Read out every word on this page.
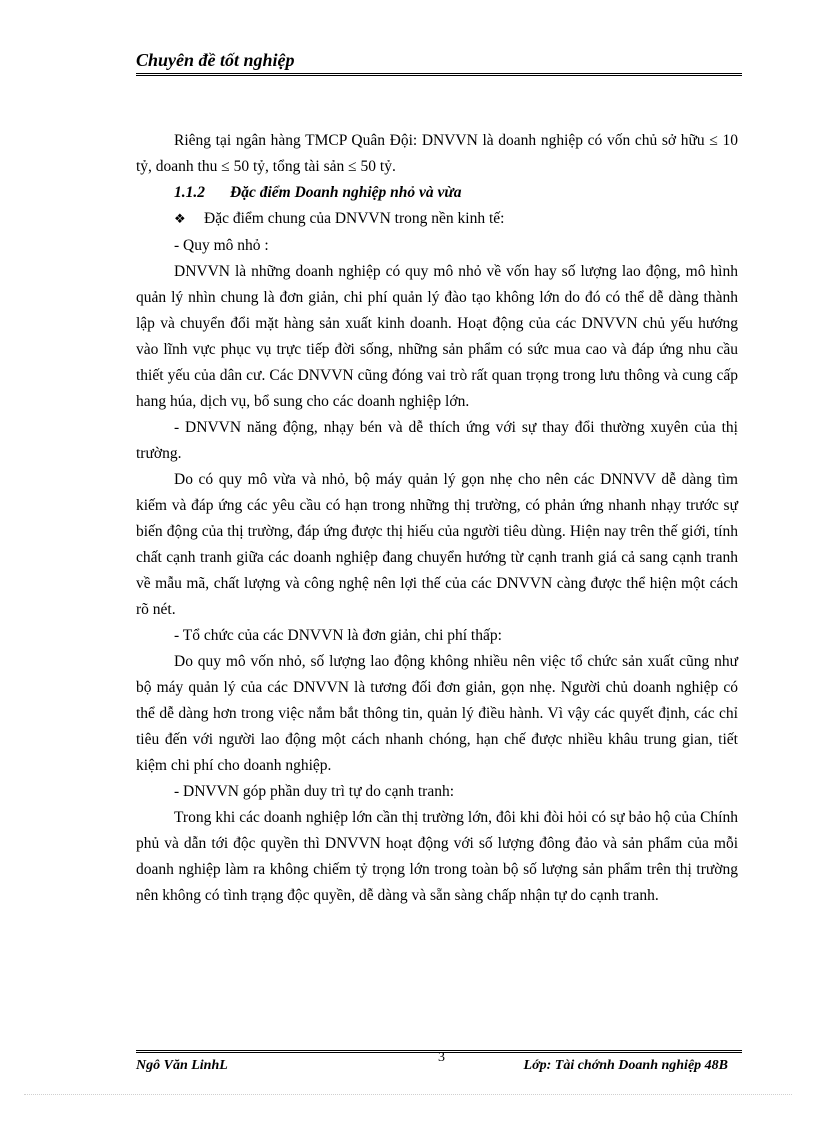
Chuyên đề tốt nghiệp

Riêng tại ngân hàng TMCP Quân Đội: DNVVN là doanh nghiệp có vốn chủ sở hữu ≤ 10 tỷ, doanh thu ≤ 50 tỷ, tổng tài sản ≤ 50 tỷ.

1.1.2 Đặc điểm Doanh nghiệp nhỏ và vừa

❖ Đặc điểm chung của DNVVN trong nền kinh tế:

- Quy mô nhỏ :

DNVVN là những doanh nghiệp có quy mô nhỏ về vốn hay số lượng lao động, mô hình quản lý nhìn chung là đơn giản, chi phí quản lý đào tạo không lớn do đó có thể dễ dàng thành lập và chuyển đổi mặt hàng sản xuất kinh doanh. Hoạt động của các DNVVN chủ yếu hướng vào lĩnh vực phục vụ trực tiếp đời sống, những sản phẩm có sức mua cao và đáp ứng nhu cầu thiết yếu của dân cư. Các DNVVN cũng đóng vai trò rất quan trọng trong lưu thông và cung cấp hang húa, dịch vụ, bổ sung cho các doanh nghiệp lớn.

- DNVVN năng động, nhạy bén và dễ thích ứng với sự thay đổi thường xuyên của thị trường.

Do có quy mô vừa và nhỏ, bộ máy quản lý gọn nhẹ cho nên các DNNVV dễ dàng tìm kiếm và đáp ứng các yêu cầu có hạn trong những thị trường, có phản ứng nhanh nhạy trước sự biến động của thị trường, đáp ứng được thị hiếu của người tiêu dùng. Hiện nay trên thế giới, tính chất cạnh tranh giữa các doanh nghiệp đang chuyển hướng từ cạnh tranh giá cả sang cạnh tranh về mẫu mã, chất lượng và công nghệ nên lợi thế của các DNVVN càng được thể hiện một cách rõ nét.

- Tổ chức của các DNVVN là đơn giản, chi phí thấp:

Do quy mô vốn nhỏ, số lượng lao động không nhiều nên việc tổ chức sản xuất cũng như bộ máy quản lý của các DNVVN là tương đối đơn giản, gọn nhẹ. Người chủ doanh nghiệp có thể dễ dàng hơn trong việc nắm bắt thông tin, quản lý điều hành. Vì vậy các quyết định, các chỉ tiêu đến với người lao động một cách nhanh chóng, hạn chế được nhiều khâu trung gian, tiết kiệm chi phí cho doanh nghiệp.

- DNVVN góp phần duy trì tự do cạnh tranh:

Trong khi các doanh nghiệp lớn cần thị trường lớn, đôi khi đòi hỏi có sự bảo hộ của Chính phủ và dẫn tới độc quyền thì DNVVN hoạt động với số lượng đông đảo và sản phẩm của mỗi doanh nghiệp làm ra không chiếm tỷ trọng lớn trong toàn bộ số lượng sản phẩm trên thị trường nên không có tình trạng độc quyền, dễ dàng và sẵn sàng chấp nhận tự do cạnh tranh.

Ngô Văn LinhL
3
Lớp: Tài chớnh Doanh nghiệp 48B
